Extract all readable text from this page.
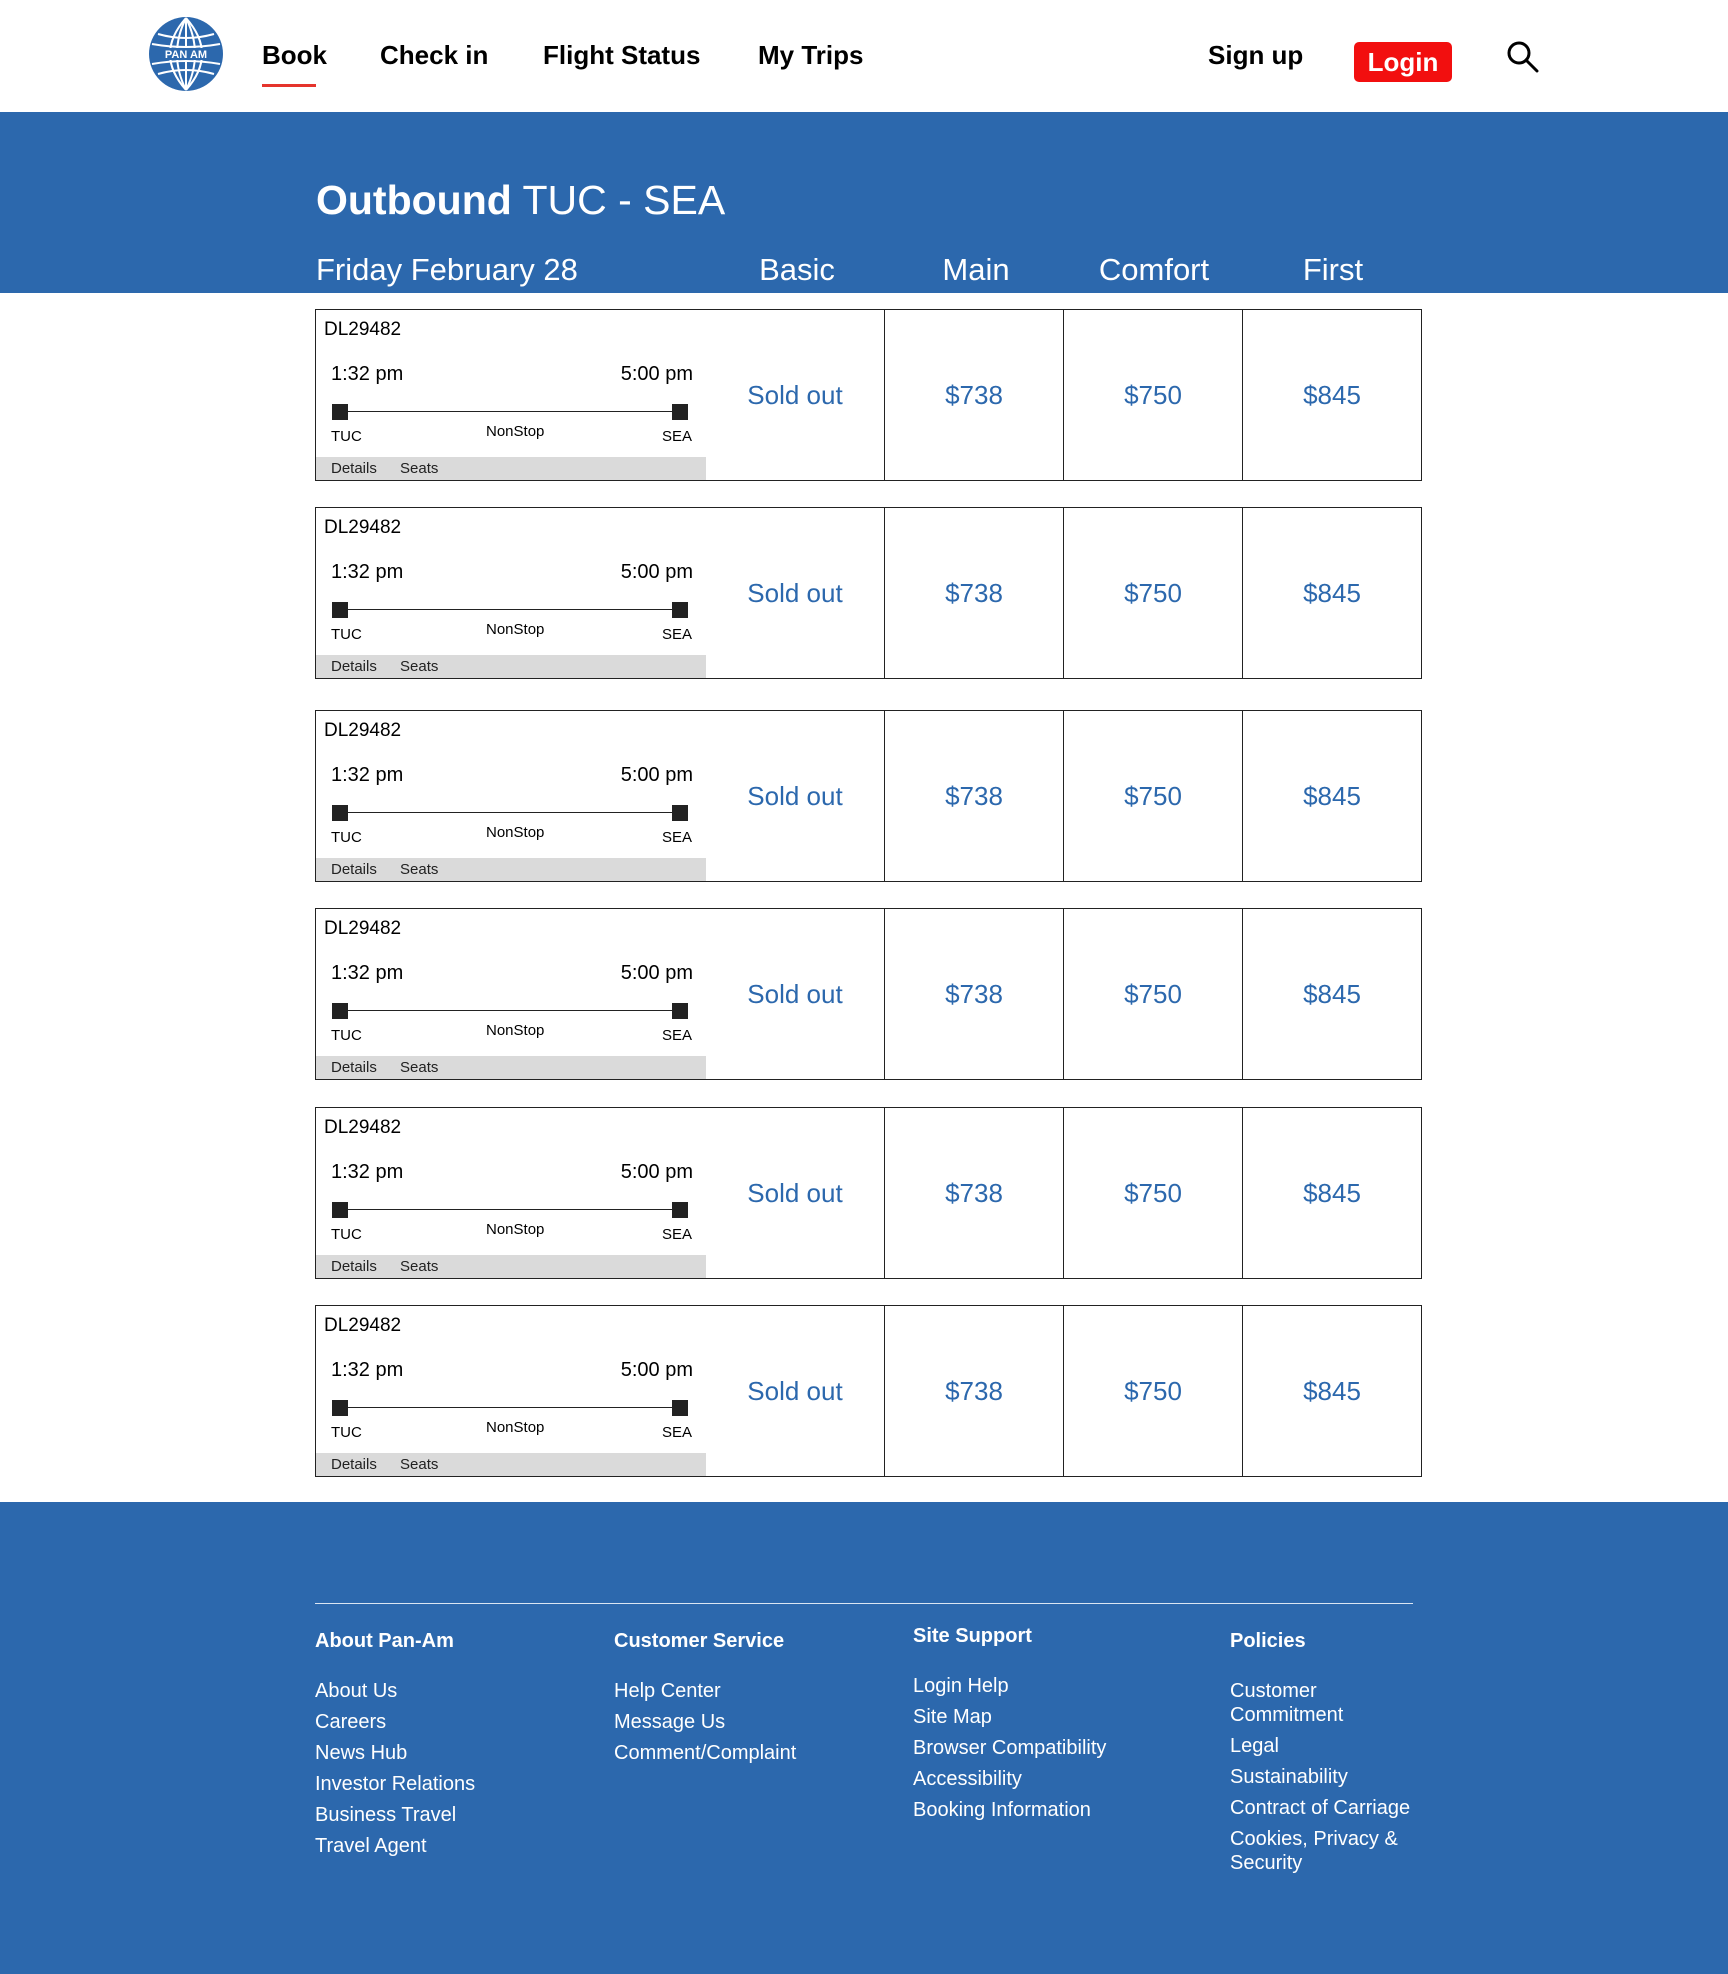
PAN AM Book Check in Flight Status My Trips	Sign up	Login
Outbound TUC - SEA
Friday February 28	Basic	Main	Comfort	First
DL29482
1:32 pm	5:00 pm
TUC	NonStop	SEA
Details Seats
Sold out	$738	$750	$845
DL29482
1:32 pm	5:00 pm
TUC	NonStop	SEA
Details Seats
Sold out	$738	$750	$845
DL29482
1:32 pm	5:00 pm
TUC	NonStop	SEA
Details Seats
Sold out	$738	$750	$845
DL29482
1:32 pm	5:00 pm
TUC	NonStop	SEA
Details Seats
Sold out	$738	$750	$845
DL29482
1:32 pm	5:00 pm
TUC	NonStop	SEA
Details Seats
Sold out	$738	$750	$845
DL29482
1:32 pm	5:00 pm
TUC	NonStop	SEA
Details Seats
Sold out	$738	$750	$845
About Pan-Am
About Us
Careers
News Hub
Investor Relations
Business Travel
Travel Agent
Customer Service
Help Center
Message Us
Comment/Complaint
Site Support
Login Help
Site Map
Browser Compatibility
Accessibility
Booking Information
Policies
Customer Commitment
Legal
Sustainability
Contract of Carriage
Cookies, Privacy & Security
